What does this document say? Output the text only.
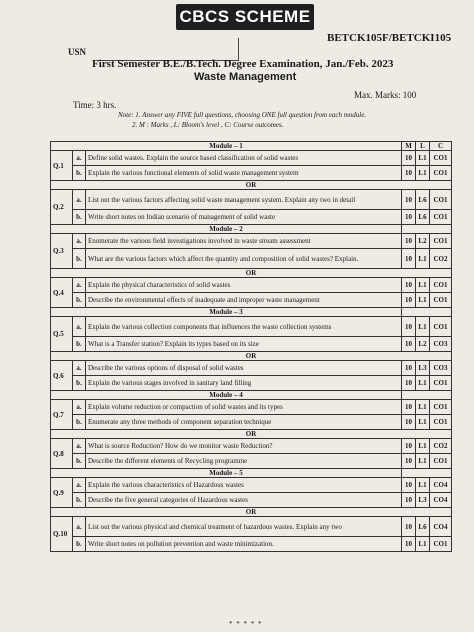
CBCS SCHEME
BETCK105F/BETCKI105
USN
First Semester B.E./B.Tech. Degree Examination, Jan./Feb. 2023
Waste Management
Max. Marks: 100
Time: 3 hrs.
Note: 1. Answer any FIVE full questions, choosing ONE full question from each module.
2. M : Marks , L: Bloom's level , C: Course outcomes.
Module – 1			M	L	C
Q.1	a.	Define solid wastes. Explain the source based classification of solid wastes	10	L1	CO1
	b.	Explain the various functional elements of solid waste management system	10	L1	CO1
OR					
Q.2	a.	List out the various factors affecting solid waste management system. Explain any two in detail	10	L6	CO1
	b.	Write short notes on Indian scenario of management of solid waste	10	L6	CO1
Module – 2					
Q.3	a.	Enumerate the various field investigations involved in waste stream assessment	10	L2	CO1
	b.	What are the various factors which affect the quantity and composition of solid wastes? Explain.	10	L1	CO2
OR					
Q.4	a.	Explain the physical characteristics of solid wastes	10	L1	CO1
	b.	Describe the environmental effects of inadequate and improper waste management	10	L1	CO1
Module – 3					
Q.5	a.	Explain the various collection components that influences the waste collection systems	10	L1	CO1
	b.	What is a Transfer station? Explain its types based on its size	10	L2	CO3
OR					
Q.6	a.	Describe the various options of disposal of solid wastes	10	L3	CO3
	b.	Explain the various stages involved in sanitary land filling	10	L1	CO1
Module – 4					
Q.7	a.	Explain volume reduction or compaction of solid wastes and its types	10	L1	CO1
	b.	Enumerate any three methods of component separation technique	10	L1	CO1
OR					
Q.8	a.	What is source Reduction? How do we monitor waste Reduction?	10	L1	CO2
	b.	Describe the different elements of Recycling programme	10	L1	CO1
Module – 5					
Q.9	a.	Explain the various characteristics of Hazardous wastes	10	L1	CO4
	b.	Describe the five general categories of Hazardous wastes	10	L3	CO4
OR					
Q.10	a.	List out the various physical and chemical treatment of hazardous wastes. Explain any two	10	L6	CO4
	b.	Write short notes on pollution prevention and waste minimization.	10	L1	CO1
* * * * *
